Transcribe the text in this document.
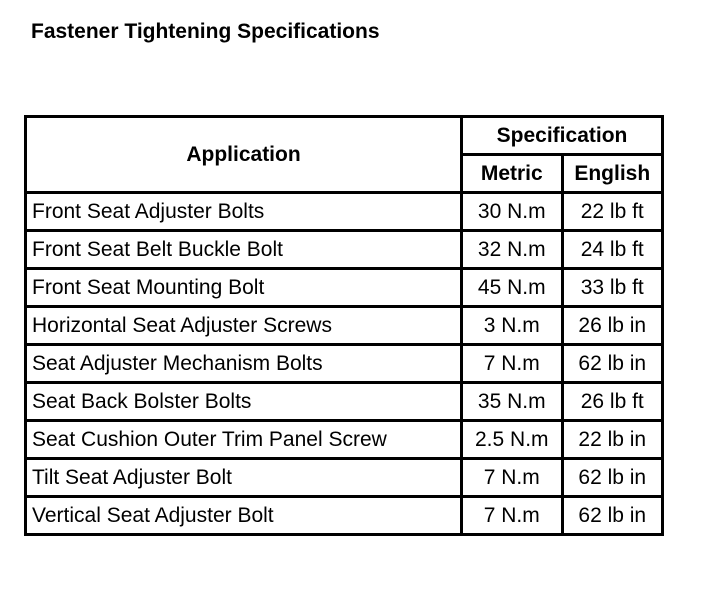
Fastener Tightening Specifications
Application	Specification	
	Metric	English
Front Seat Adjuster Bolts	30 N.m	22 lb ft
Front Seat Belt Buckle Bolt	32 N.m	24 lb ft
Front Seat Mounting Bolt	45 N.m	33 lb ft
Horizontal Seat Adjuster Screws	3 N.m	26 lb in
Seat Adjuster Mechanism Bolts	7 N.m	62 lb in
Seat Back Bolster Bolts	35 N.m	26 lb ft
Seat Cushion Outer Trim Panel Screw	2.5 N.m	22 lb in
Tilt Seat Adjuster Bolt	7 N.m	62 lb in
Vertical Seat Adjuster Bolt	7 N.m	62 lb in
